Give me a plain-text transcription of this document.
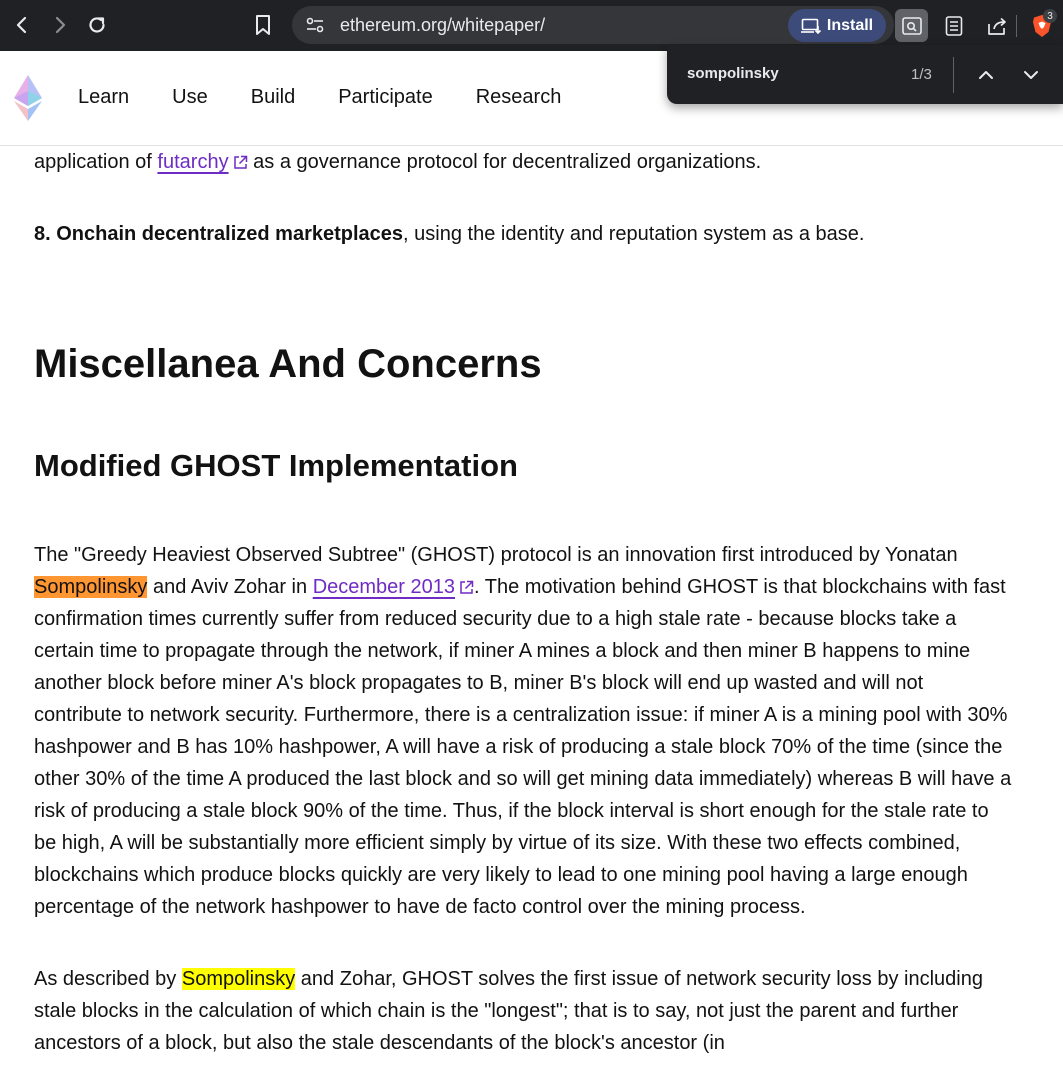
ethereum.org/whitepaper/	Install
3
Learn Use Build Participate Research

application of futarchy as a governance protocol for decentralized organizations.

8. Onchain decentralized marketplaces, using the identity and reputation system as a base.

Miscellanea And Concerns
Modified GHOST Implementation

The "Greedy Heaviest Observed Subtree" (GHOST) protocol is an innovation first introduced by Yonatan Sompolinsky and Aviv Zohar in December 2013 . The motivation behind GHOST is that blockchains with fast confirmation times currently suffer from reduced security due to a high stale rate - because blocks take a certain time to propagate through the network, if miner A mines a block and then miner B happens to mine another block before miner A's block propagates to B, miner B's block will end up wasted and will not contribute to network security. Furthermore, there is a centralization issue: if miner A is a mining pool with 30% hashpower and B has 10% hashpower, A will have a risk of producing a stale block 70% of the time (since the other 30% of the time A produced the last block and so will get mining data immediately) whereas B will have a risk of producing a stale block 90% of the time. Thus, if the block interval is short enough for the stale rate to be high, A will be substantially more efficient simply by virtue of its size. With these two effects combined, blockchains which produce blocks quickly are very likely to lead to one mining pool having a large enough percentage of the network hashpower to have de facto control over the mining process.

As described by Sompolinsky and Zohar, GHOST solves the first issue of network security loss by including stale blocks in the calculation of which chain is the "longest"; that is to say, not just the parent and further ancestors of a block, but also the stale descendants of the block's ancestor (in

sompolinsky	1/3
